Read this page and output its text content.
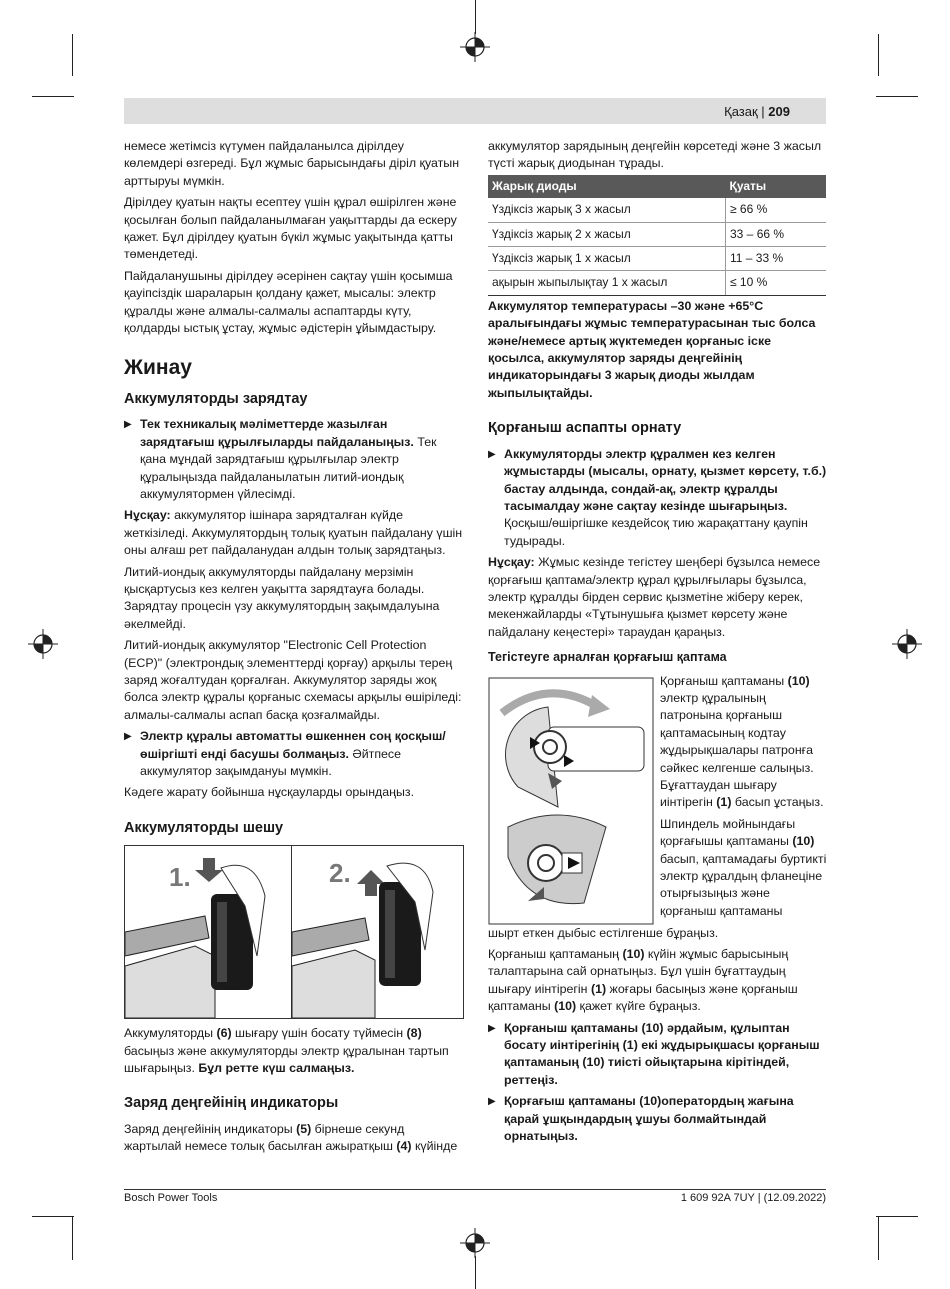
Қазақ | 209

немесе жетімсіз күтумен пайдаланылса дірілдеу көлемдері өзгереді. Бұл жұмыс барысындағы діріл қуатын арттыруы мүмкін.

Дірілдеу қуатын нақты есептеу үшін құрал өшірілген және қосылған болып пайдаланылмаған уақыттарды да ескеру қажет. Бұл дірілдеу қуатын бүкіл жұмыс уақытында қатты төмендетеді.

Пайдаланушыны дірілдеу әсерінен сақтау үшін қосымша қауіпсіздік шараларын қолдану қажет, мысалы: электр құралды және алмалы-салмалы аспаптарды күту, қолдарды ыстық ұстау, жұмыс әдістерін ұйымдастыру.

Жинау
Аккумуляторды зарядтау
▶ Тек техникалық мәліметтерде жазылған зарядтағыш құрылғыларды пайдаланыңыз. Тек қана мұндай зарядтағыш құрылғылар электр құралыңызда пайдаланылатын литий-иондық аккумулятормен үйлесімді.

Нұсқау: аккумулятор ішінара зарядталған күйде жеткізіледі. Аккумулятордың толық қуатын пайдалану үшін оны алғаш рет пайдаланудан алдын толық зарядтаңыз.

Литий-иондық аккумуляторды пайдалану мерзімін қысқартусыз кез келген уақытта зарядтауға болады. Зарядтау процесін үзу аккумулятордың зақымдалуына әкелмейді.

Литий-иондық аккумулятор "Electronic Cell Protection (ECP)" (электрондық элементтерді қорғау) арқылы терең заряд жоғалтудан қорғалған. Аккумулятор заряды жоқ болса электр құралы қорғаныс схемасы арқылы өшіріледі: алмалы-салмалы аспап басқа қозғалмайды.

▶ Электр құралы автоматты өшкеннен соң қосқыш/өшіргішті енді басушы болмаңыз. Әйтпесе аккумулятор зақымдануы мүмкін.

Кәдеге жарату бойынша нұсқауларды орындаңыз.

Аккумуляторды шешу
1.	2.

Аккумуляторды (6) шығару үшін босату түймесін (8) басыңыз және аккумуляторды электр құралынан тартып шығарыңыз. Бұл ретте күш салмаңыз.

Заряд деңгейінің индикаторы

Заряд деңгейінің индикаторы (5) бірнеше секунд жартылай немесе толық басылған ажыратқыш (4) күйінде

аккумулятор зарядының деңгейін көрсетеді және 3 жасыл түсті жарық диодынан тұрады.

Жарық диоды	Қуаты
Үздіксіз жарық 3 x жасыл	≥ 66 %
Үздіксіз жарық 2 x жасыл	33 – 66 %
Үздіксіз жарық 1 x жасыл	11 – 33 %
ақырын жыпылықтау 1 x жасыл	≤ 10 %

Аккумулятор температурасы –30 және +65°C аралығындағы жұмыс температурасынан тыс болса және/немесе артық жүктемеден қорғаныс іске қосылса, аккумулятор заряды деңгейінің индикаторындағы 3 жарық диоды жылдам жыпылықтайды.

Қорғаныш аспапты орнату
▶ Аккумуляторды электр құралмен кез келген жұмыстарды (мысалы, орнату, қызмет көрсету, т.б.) бастау алдында, сондай-ақ, электр құралды тасымалдау және сақтау кезінде шығарыңыз. Қосқыш/өшіргішке кездейсоқ тию жарақаттану қаупін тудырады.

Нұсқау: Жұмыс кезінде тегістеу шеңбері бұзылса немесе қорғағыш қаптама/электр құрал құрылғылары бұзылса, электр құралды бірден сервис қызметіне жіберу керек, мекенжайларды «Тұтынушыға қызмет көрсету және пайдалану кеңестері» тараудан қараңыз.

Тегістеуге арналған қорғағыш қаптама

Қорғаныш қаптаманы (10) электр құралының патронына қорғаныш қаптамасының кодтау жұдырықшалары патронға сәйкес келгенше салыңыз. Бұғаттаудан шығару иінтірегін (1) басып ұстаңыз.

Шпиндель мойнындағы қорғағышы қаптаманы (10) басып, қаптамадағы буртикті электр құралдың фланеціне отырғызыңыз және қорғаныш қаптаманы

шырт еткен дыбыс естілгенше бұраңыз.

Қорғаныш қаптаманың (10) күйін жұмыс барысының талаптарына сай орнатыңыз. Бұл үшін бұғаттаудың шығару иінтірегін (1) жоғары басыңыз және қорғаныш қаптаманы (10) қажет күйге бұраңыз.

▶ Қорғаныш қаптаманы (10) әрдайым, құлыптан босату иінтірегінің (1) екі жұдырықшасы қорғаныш қаптаманың (10) тиісті ойықтарына кірітіндей, реттеңіз.
▶ Қорғағыш қаптаманы (10)оператордың жағына қарай ұшқындардың ұшуы болмайтындай орнатыңыз.
Bosch Power Tools	1 609 92A 7UY | (12.09.2022)
